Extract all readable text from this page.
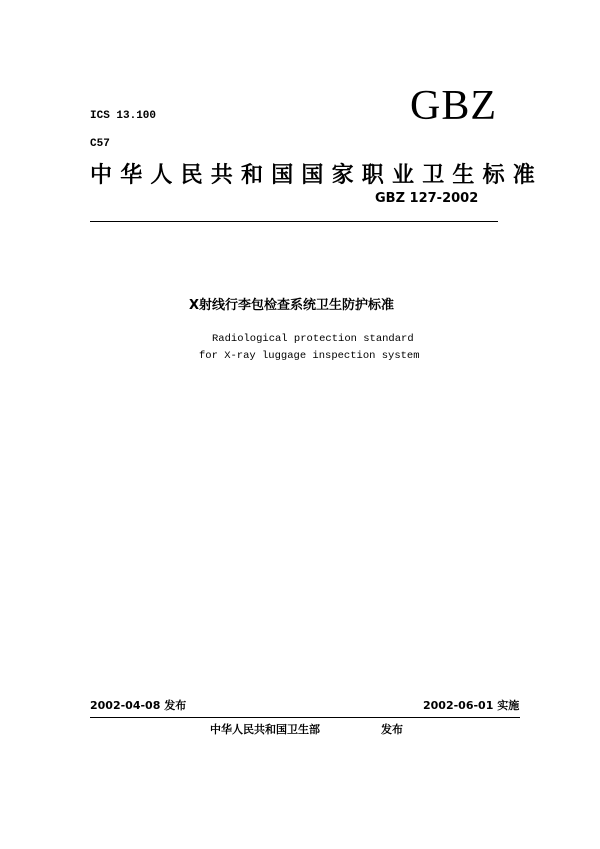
ICS 13.100
C57
GBZ
中华人民共和国国家职业卫生标准
GBZ 127-2002
X射线行李包检查系统卫生防护标准
Radiological protection standard
for X-ray luggage inspection system
2002-04-08 发布	2002-06-01 实施
中华人民共和国卫生部	发布
